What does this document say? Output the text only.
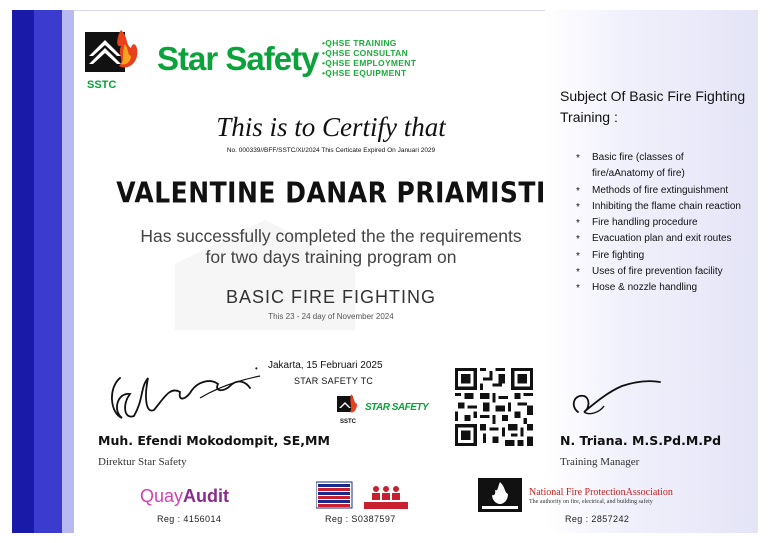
SSTC
Star Safety
• QHSE TRAINING
• QHSE CONSULTAN
• QHSE EMPLOYMENT
• QHSE EQUIPMENT
This is to Certify that
No. 000339//BFF/SSTC/XI/2024 This Certicate Expired On Januari 2029
VALENTINE DANAR PRIAMISTI
Has successfully completed the the requirements
for two days training program on
BASIC FIRE FIGHTING
This 23 - 24 day of November 2024
• Jakarta, 15 Februari 2025
STAR SAFETY TC
STAR SAFETY
SSTC
Muh. Efendi Mokodompit, SE,MM
Direktur Star Safety
N. Triana. M.S.Pd.M.Pd
Training Manager
Subject Of Basic Fire Fighting Training :
* Basic fire (classes of fire/aAnatomy of fire)
* Methods of fire extinguishment
* Inhibiting the flame chain reaction
* Fire handling procedure
* Evacuation plan and exit routes
* Fire fighting
* Uses of fire prevention facility
* Hose & nozzle handling
QuayAudit
Reg : 4156014	Reg : S0387597
National Fire ProtectionAssociation
The authority on fire, electrical, and building safety
Reg : 2857242
